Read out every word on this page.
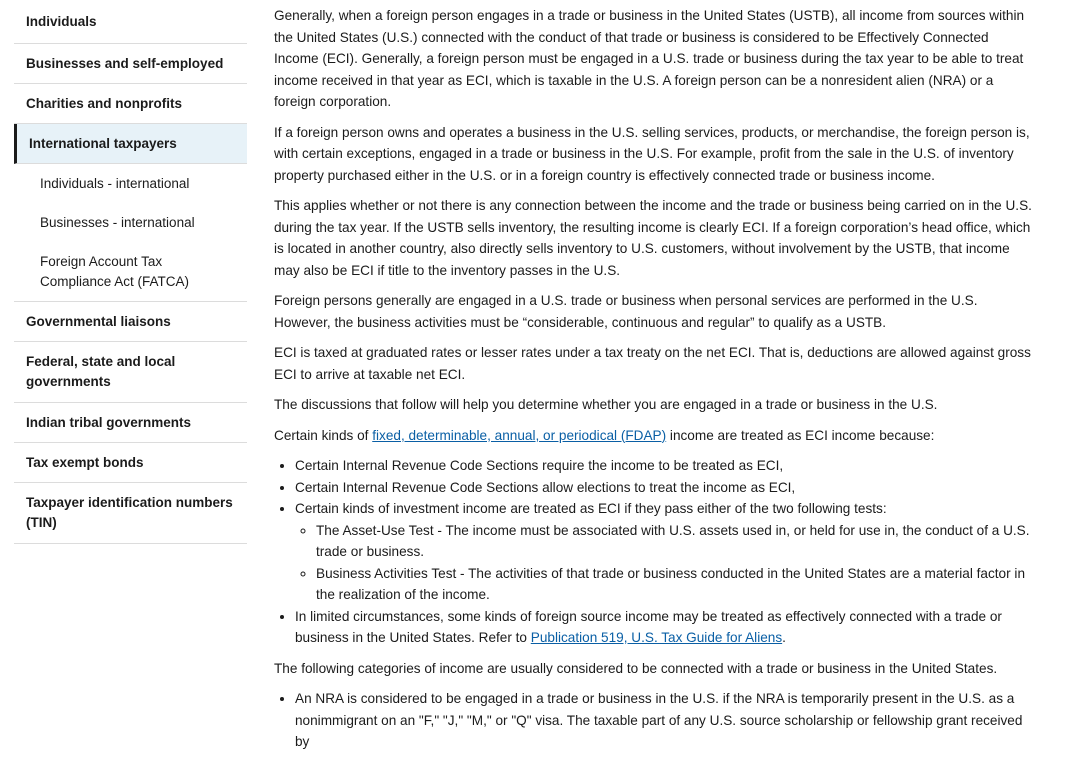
Individuals
Businesses and self-employed
Charities and nonprofits
International taxpayers
Individuals - international
Businesses - international
Foreign Account Tax Compliance Act (FATCA)
Governmental liaisons
Federal, state and local governments
Indian tribal governments
Tax exempt bonds
Taxpayer identification numbers (TIN)

Generally, when a foreign person engages in a trade or business in the United States (USTB), all income from sources within the United States (U.S.) connected with the conduct of that trade or business is considered to be Effectively Connected Income (ECI). Generally, a foreign person must be engaged in a U.S. trade or business during the tax year to be able to treat income received in that year as ECI, which is taxable in the U.S. A foreign person can be a nonresident alien (NRA) or a foreign corporation.

If a foreign person owns and operates a business in the U.S. selling services, products, or merchandise, the foreign person is, with certain exceptions, engaged in a trade or business in the U.S. For example, profit from the sale in the U.S. of inventory property purchased either in the U.S. or in a foreign country is effectively connected trade or business income.

This applies whether or not there is any connection between the income and the trade or business being carried on in the U.S. during the tax year. If the USTB sells inventory, the resulting income is clearly ECI. If a foreign corporation’s head office, which is located in another country, also directly sells inventory to U.S. customers, without involvement by the USTB, that income may also be ECI if title to the inventory passes in the U.S.

Foreign persons generally are engaged in a U.S. trade or business when personal services are performed in the U.S. However, the business activities must be “considerable, continuous and regular” to qualify as a USTB.

ECI is taxed at graduated rates or lesser rates under a tax treaty on the net ECI. That is, deductions are allowed against gross ECI to arrive at taxable net ECI.

The discussions that follow will help you determine whether you are engaged in a trade or business in the U.S.

Certain kinds of fixed, determinable, annual, or periodical (FDAP) income are treated as ECI income because:

• Certain Internal Revenue Code Sections require the income to be treated as ECI,
• Certain Internal Revenue Code Sections allow elections to treat the income as ECI,
• Certain kinds of investment income are treated as ECI if they pass either of the two following tests:
◦ The Asset-Use Test - The income must be associated with U.S. assets used in, or held for use in, the conduct of a U.S. trade or business.
◦ Business Activities Test - The activities of that trade or business conducted in the United States are a material factor in the realization of the income.
• In limited circumstances, some kinds of foreign source income may be treated as effectively connected with a trade or business in the United States. Refer to Publication 519, U.S. Tax Guide for Aliens.

The following categories of income are usually considered to be connected with a trade or business in the United States.

• An NRA is considered to be engaged in a trade or business in the U.S. if the NRA is temporarily present in the U.S. as a nonimmigrant on an "F," "J," "M," or "Q" visa. The taxable part of any U.S. source scholarship or fellowship grant received by
